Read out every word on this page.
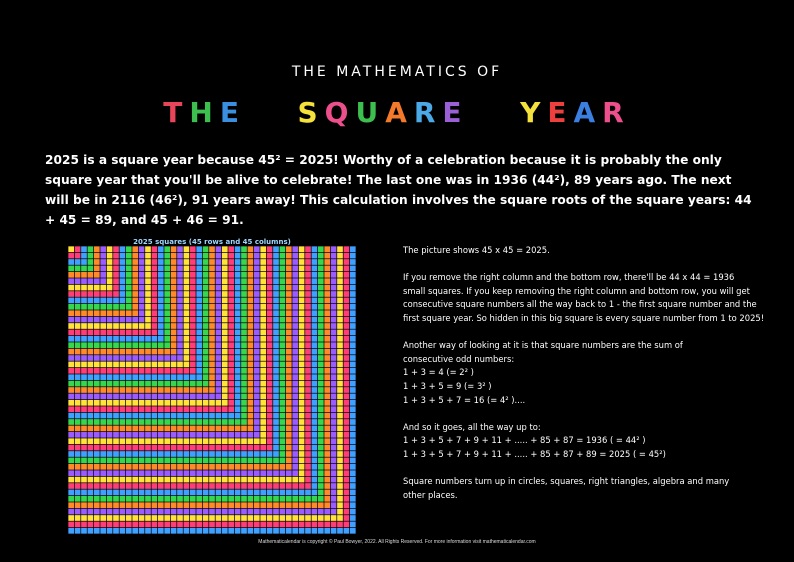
THE MATHEMATICS OF
THE SQUARE YEAR
2025 is a square year because 45² = 2025! Worthy of a celebration because it is probably the only square year that you'll be alive to celebrate! The last one was in 1936 (44²), 89 years ago. The next will be in 2116 (46²), 91 years away! This calculation involves the square roots of the square years: 44 + 45 = 89, and 45 + 46 = 91.
2025 squares (45 rows and 45 columns)

The picture shows 45 x 45 = 2025.

If you remove the right column and the bottom row, there'll be 44 x 44 = 1936

small squares. If you keep removing the right column and bottom row, you will get

consecutive square numbers all the way back to 1 - the first square number and the

first square year. So hidden in this big square is every square number from 1 to 2025!

Another way of looking at it is that square numbers are the sum of

consecutive odd numbers:

1 + 3 = 4 (= 2² )

1 + 3 + 5 = 9 (= 3² )

1 + 3 + 5 + 7 = 16 (= 4² )....

And so it goes, all the way up to:

1 + 3 + 5 + 7 + 9 + 11 + ..... + 85 + 87 = 1936 ( = 44² )

1 + 3 + 5 + 7 + 9 + 11 + ..... + 85 + 87 + 89 = 2025 ( = 45²)

Square numbers turn up in circles, squares, right triangles, algebra and many

other places.

Mathematicalendar is copyright © Paul Bowyer, 2022. All Rights Reserved. For more information visit mathematicalendar.com
